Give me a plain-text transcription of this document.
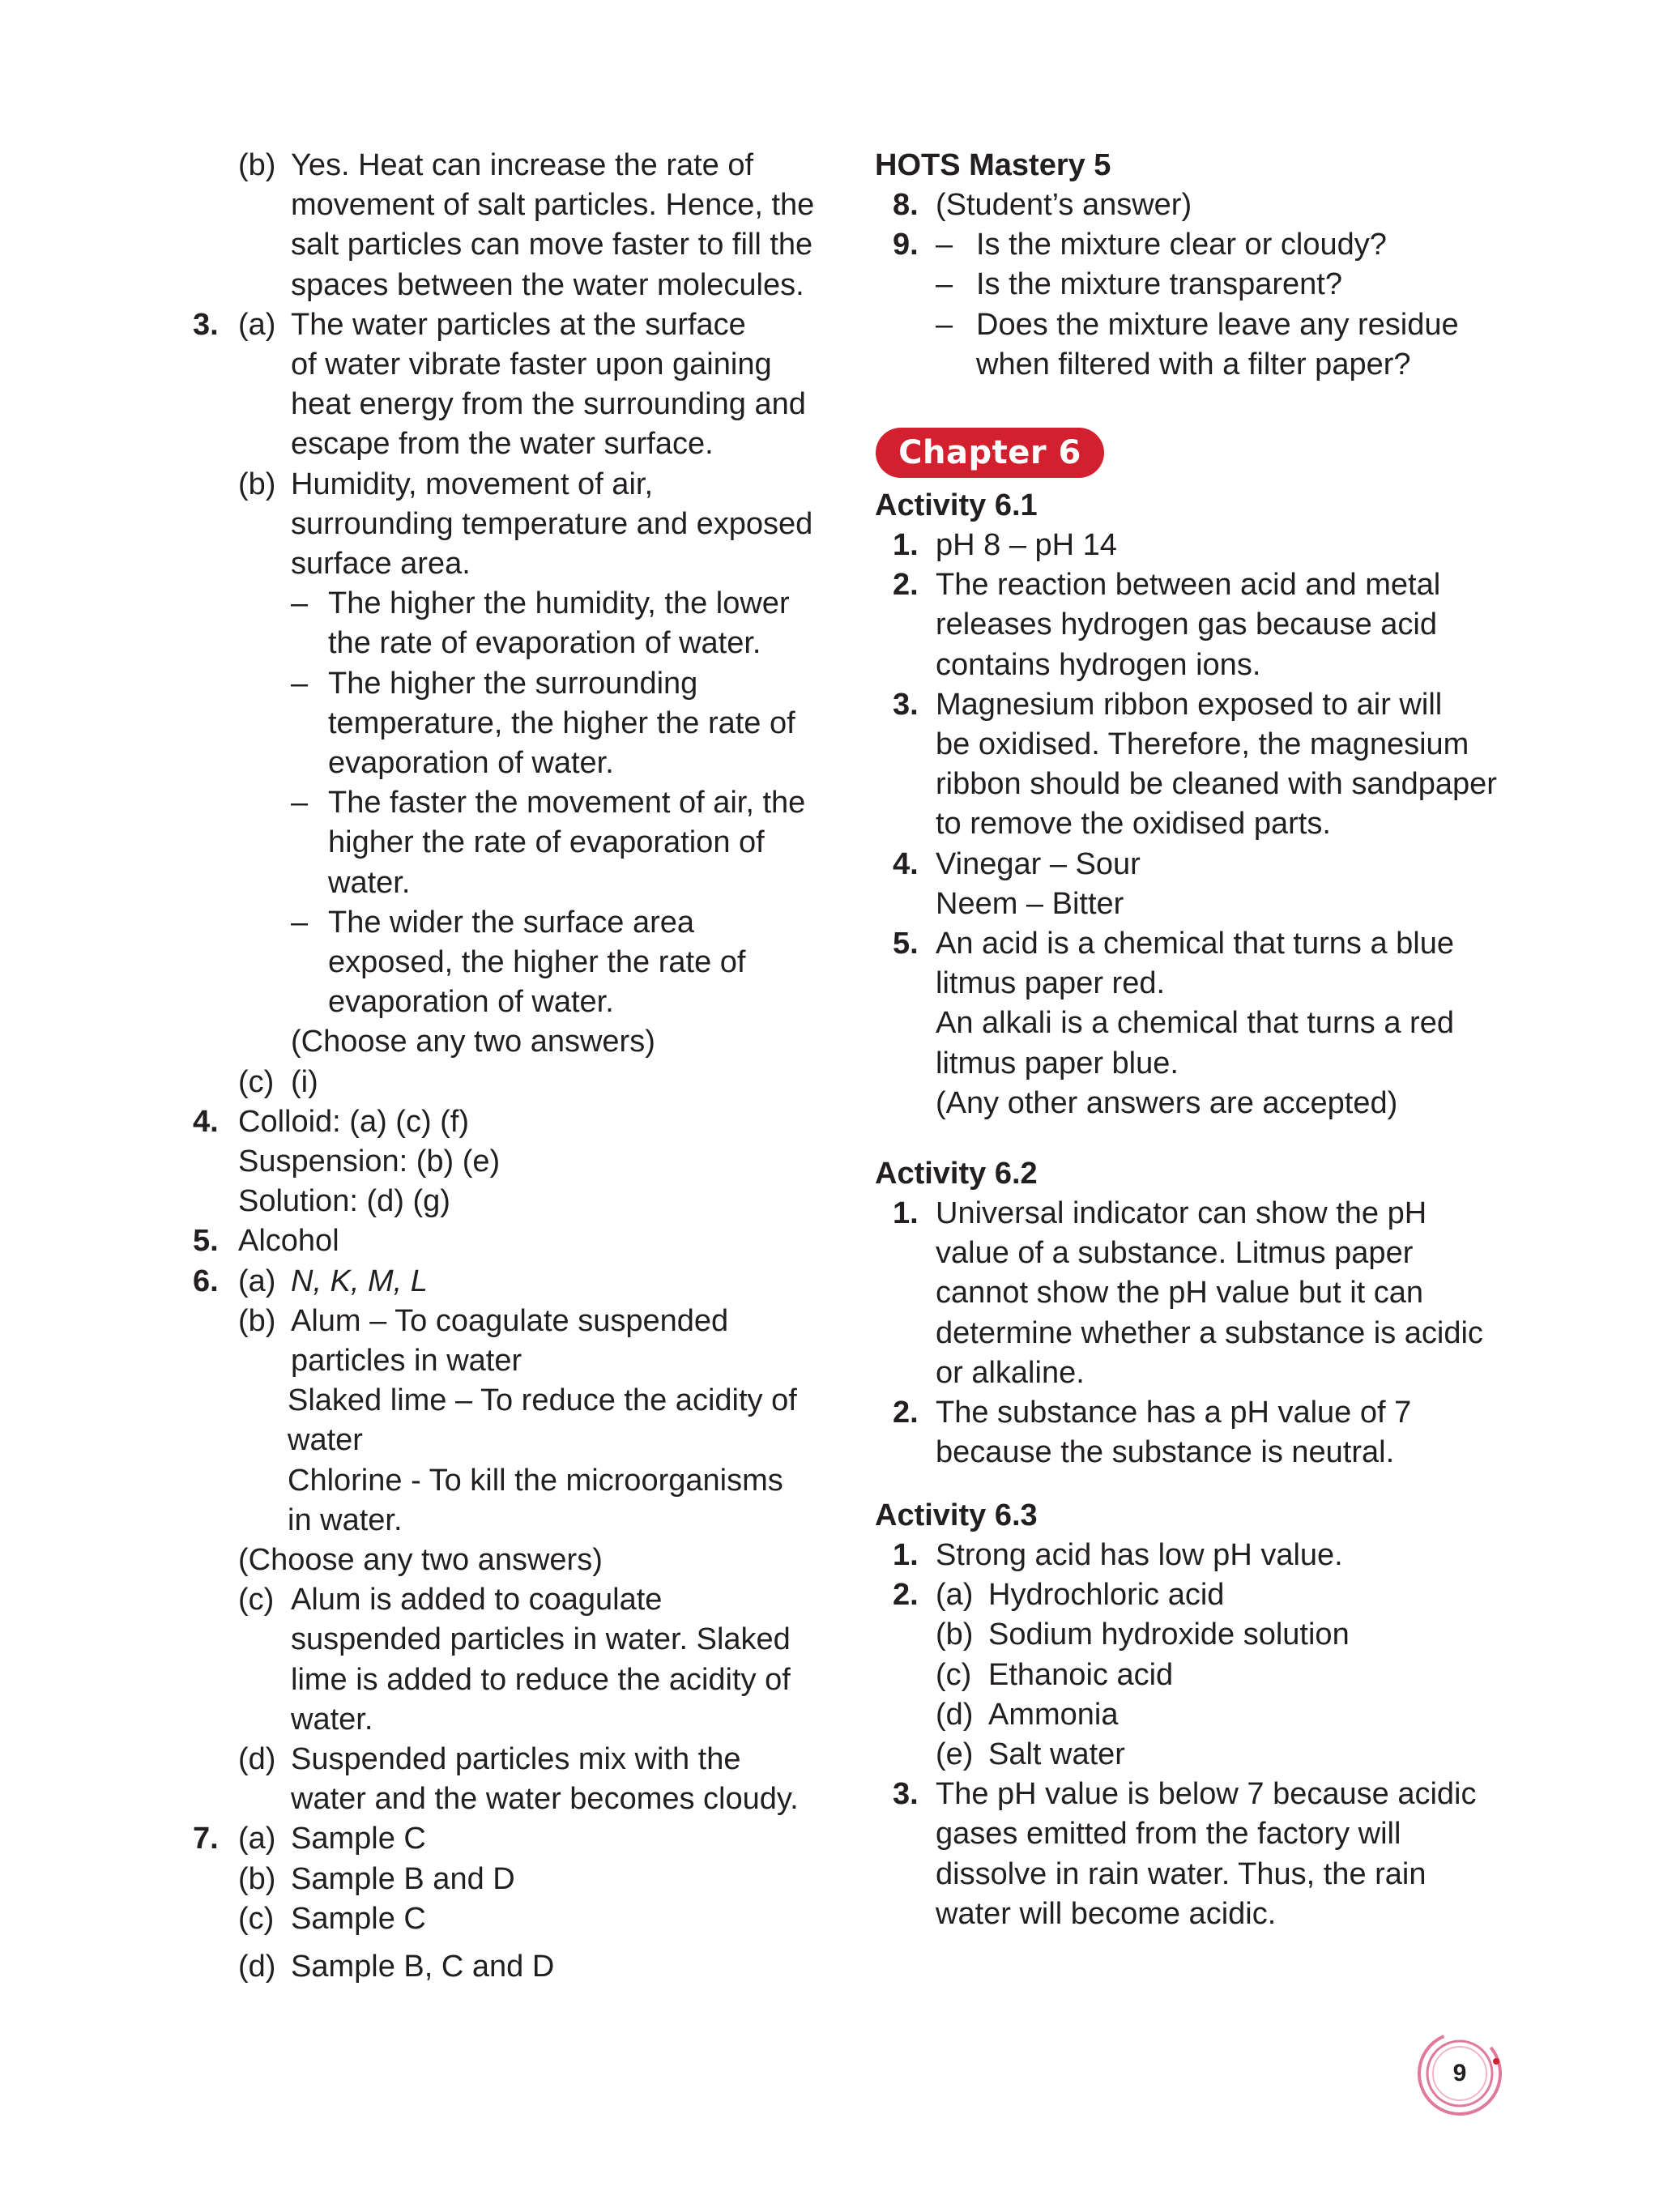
(b) Yes. Heat can increase the rate of
movement of salt particles. Hence, the
salt particles can move faster to fill the
spaces between the water molecules.
3. (a) The water particles at the surface
of water vibrate faster upon gaining
heat energy from the surrounding and
escape from the water surface.
(b) Humidity, movement of air,
surrounding temperature and exposed
surface area.
– The higher the humidity, the lower
the rate of evaporation of water.
– The higher the surrounding
temperature, the higher the rate of
evaporation of water.
– The faster the movement of air, the
higher the rate of evaporation of
water.
– The wider the surface area
exposed, the higher the rate of
evaporation of water.
(Choose any two answers)
(c) (i)
4. Colloid: (a) (c) (f)
Suspension: (b) (e)
Solution: (d) (g)
5. Alcohol
6. (a) N, K, M, L
(b) Alum – To coagulate suspended
particles in water
Slaked lime – To reduce the acidity of
water
Chlorine - To kill the microorganisms
in water.
(Choose any two answers)
(c) Alum is added to coagulate
suspended particles in water. Slaked
lime is added to reduce the acidity of
water.
(d) Suspended particles mix with the
water and the water becomes cloudy.
7. (a) Sample C
(b) Sample B and D
(c) Sample C
(d) Sample B, C and D
HOTS Mastery 5
8. (Student’s answer)
9. – Is the mixture clear or cloudy?
– Is the mixture transparent?
– Does the mixture leave any residue
when filtered with a filter paper?
Activity 6.1
1. pH 8 – pH 14
2. The reaction between acid and metal
releases hydrogen gas because acid
contains hydrogen ions.
3. Magnesium ribbon exposed to air will
be oxidised. Therefore, the magnesium
ribbon should be cleaned with sandpaper
to remove the oxidised parts.
4. Vinegar – Sour
Neem – Bitter
5. An acid is a chemical that turns a blue
litmus paper red.
An alkali is a chemical that turns a red
litmus paper blue.
(Any other answers are accepted)
Activity 6.2
1. Universal indicator can show the pH
value of a substance. Litmus paper
cannot show the pH value but it can
determine whether a substance is acidic
or alkaline.
2. The substance has a pH value of 7
because the substance is neutral.
Activity 6.3
1. Strong acid has low pH value.
2. (a) Hydrochloric acid
(b) Sodium hydroxide solution
(c) Ethanoic acid
(d) Ammonia
(e) Salt water
3. The pH value is below 7 because acidic
gases emitted from the factory will
dissolve in rain water. Thus, the rain
water will become acidic.
Chapter 6
9
